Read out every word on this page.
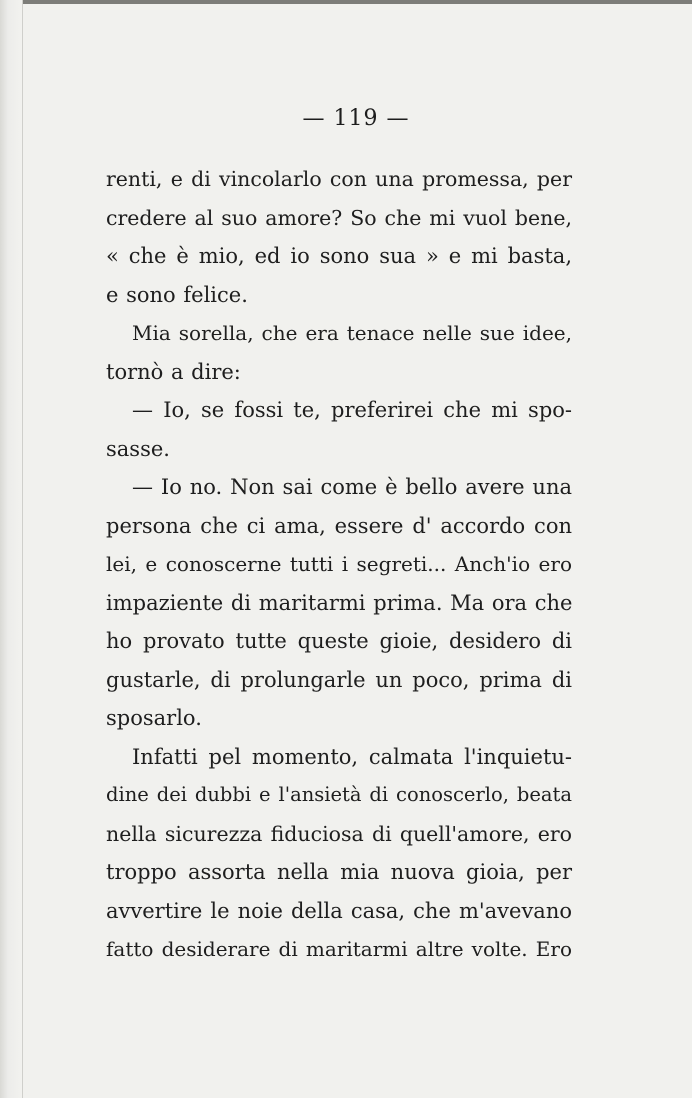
— 119 —
renti, e di vincolarlo con una promessa, per
credere al suo amore? So che mi vuol bene,
« che è mio, ed io sono sua » e mi basta,
e sono felice.
Mia sorella, che era tenace nelle sue idee,
tornò a dire:
— Io, se fossi te, preferirei che mi spo-
sasse.
— Io no. Non sai come è bello avere una
persona che ci ama, essere d' accordo con
lei, e conoscerne tutti i segreti... Anch'io ero
impaziente di maritarmi prima. Ma ora che
ho provato tutte queste gioie, desidero di
gustarle, di prolungarle un poco, prima di
sposarlo.
Infatti pel momento, calmata l'inquietu-
dine dei dubbi e l'ansietà di conoscerlo, beata
nella sicurezza fiduciosa di quell'amore, ero
troppo assorta nella mia nuova gioia, per
avvertire le noie della casa, che m'avevano
fatto desiderare di maritarmi altre volte. Ero
